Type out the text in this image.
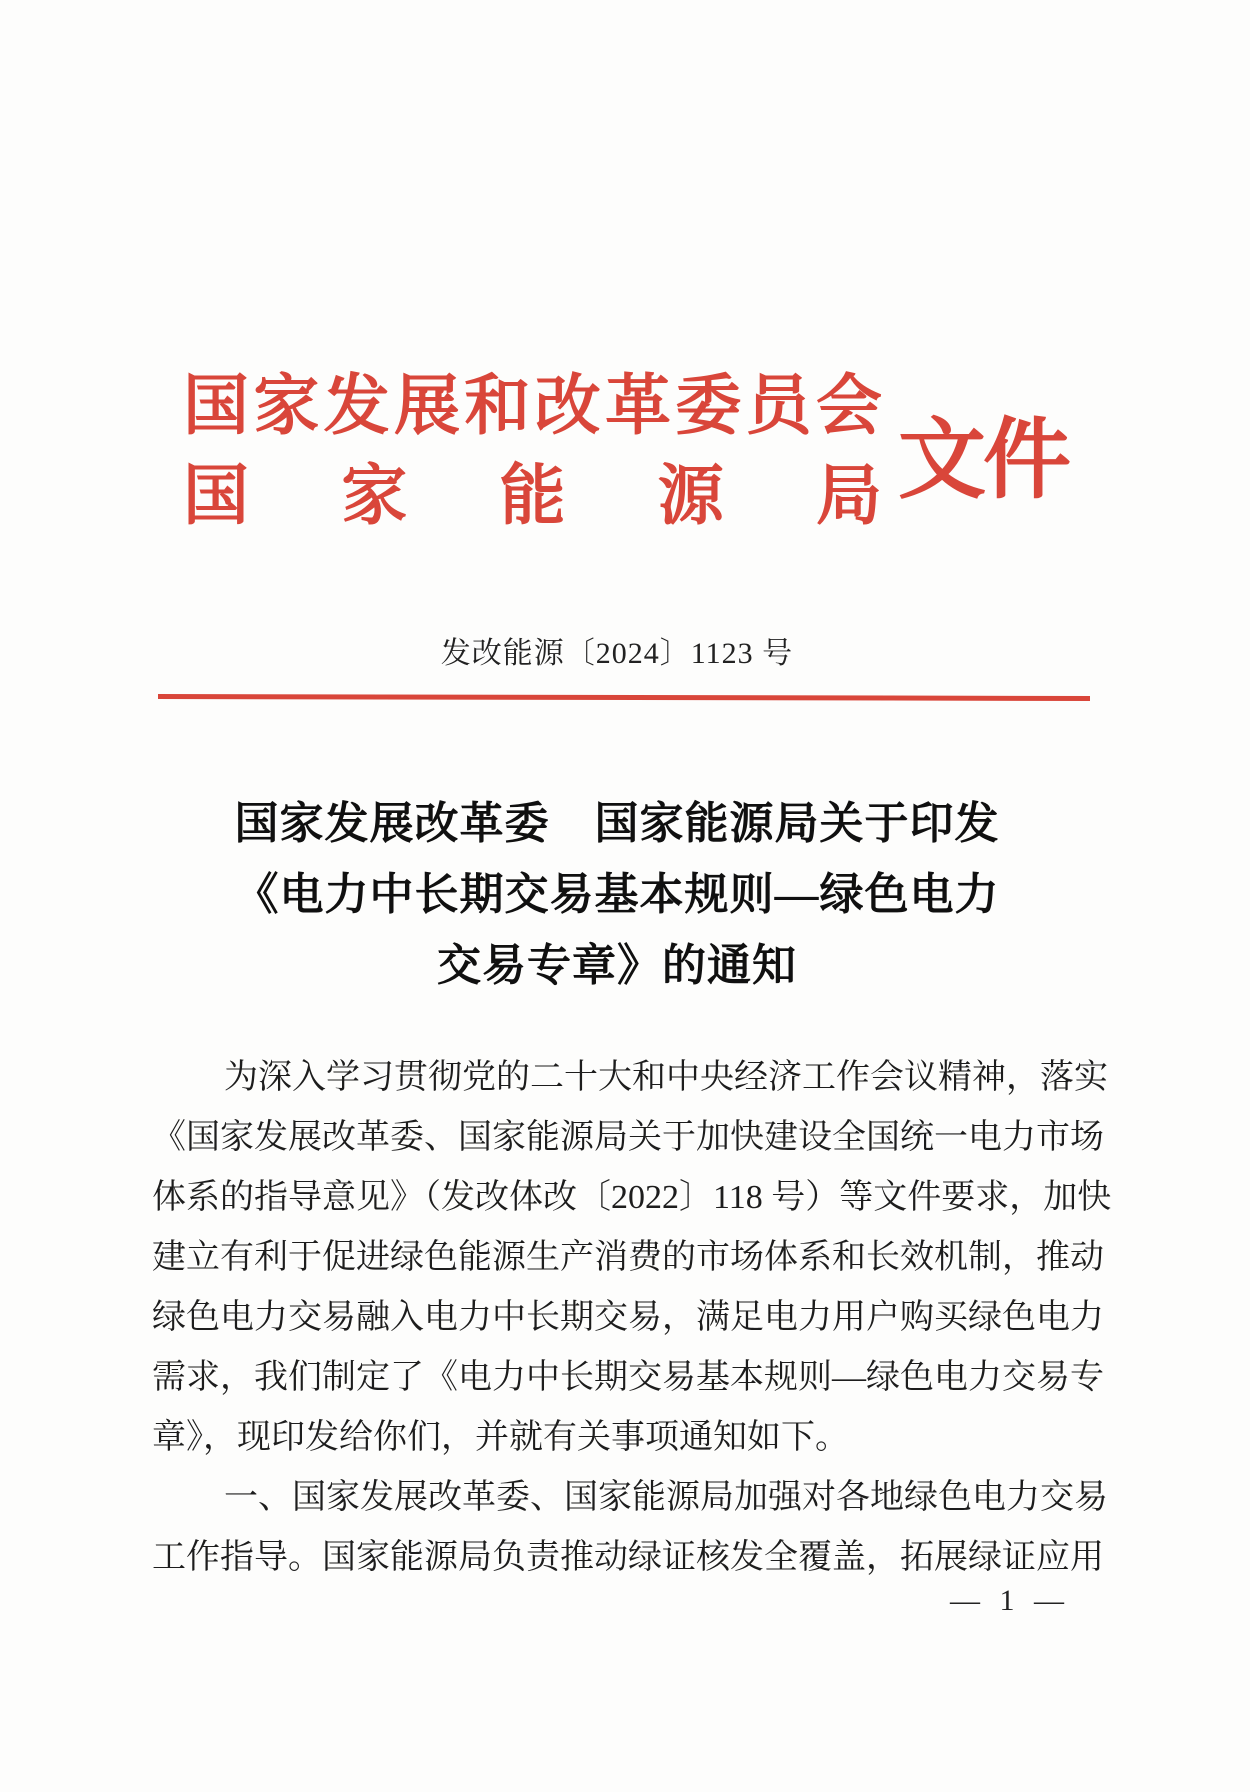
国 家 发 展 和 改 革 委 员 会
国 家 能 源 局 文件
发改能源〔2024〕1123 号
国家发展改革委　国家能源局关于印发
《电力中长期交易基本规则—绿色电力
交易专章》的通知
为深入学习贯彻党的二十大和中央经济工作会议精神，落实
《国家发展改革委、国家能源局关于加快建设全国统一电力市场
体系的指导意见》（发改体改〔2022〕118 号）等文件要求，加快
建立有利于促进绿色能源生产消费的市场体系和长效机制，推动
绿色电力交易融入电力中长期交易，满足电力用户购买绿色电力
需求，我们制定了《电力中长期交易基本规则—绿色电力交易专
章》，现印发给你们，并就有关事项通知如下。
一、国家发展改革委、国家能源局加强对各地绿色电力交易
工作指导。国家能源局负责推动绿证核发全覆盖，拓展绿证应用
— 1 —
